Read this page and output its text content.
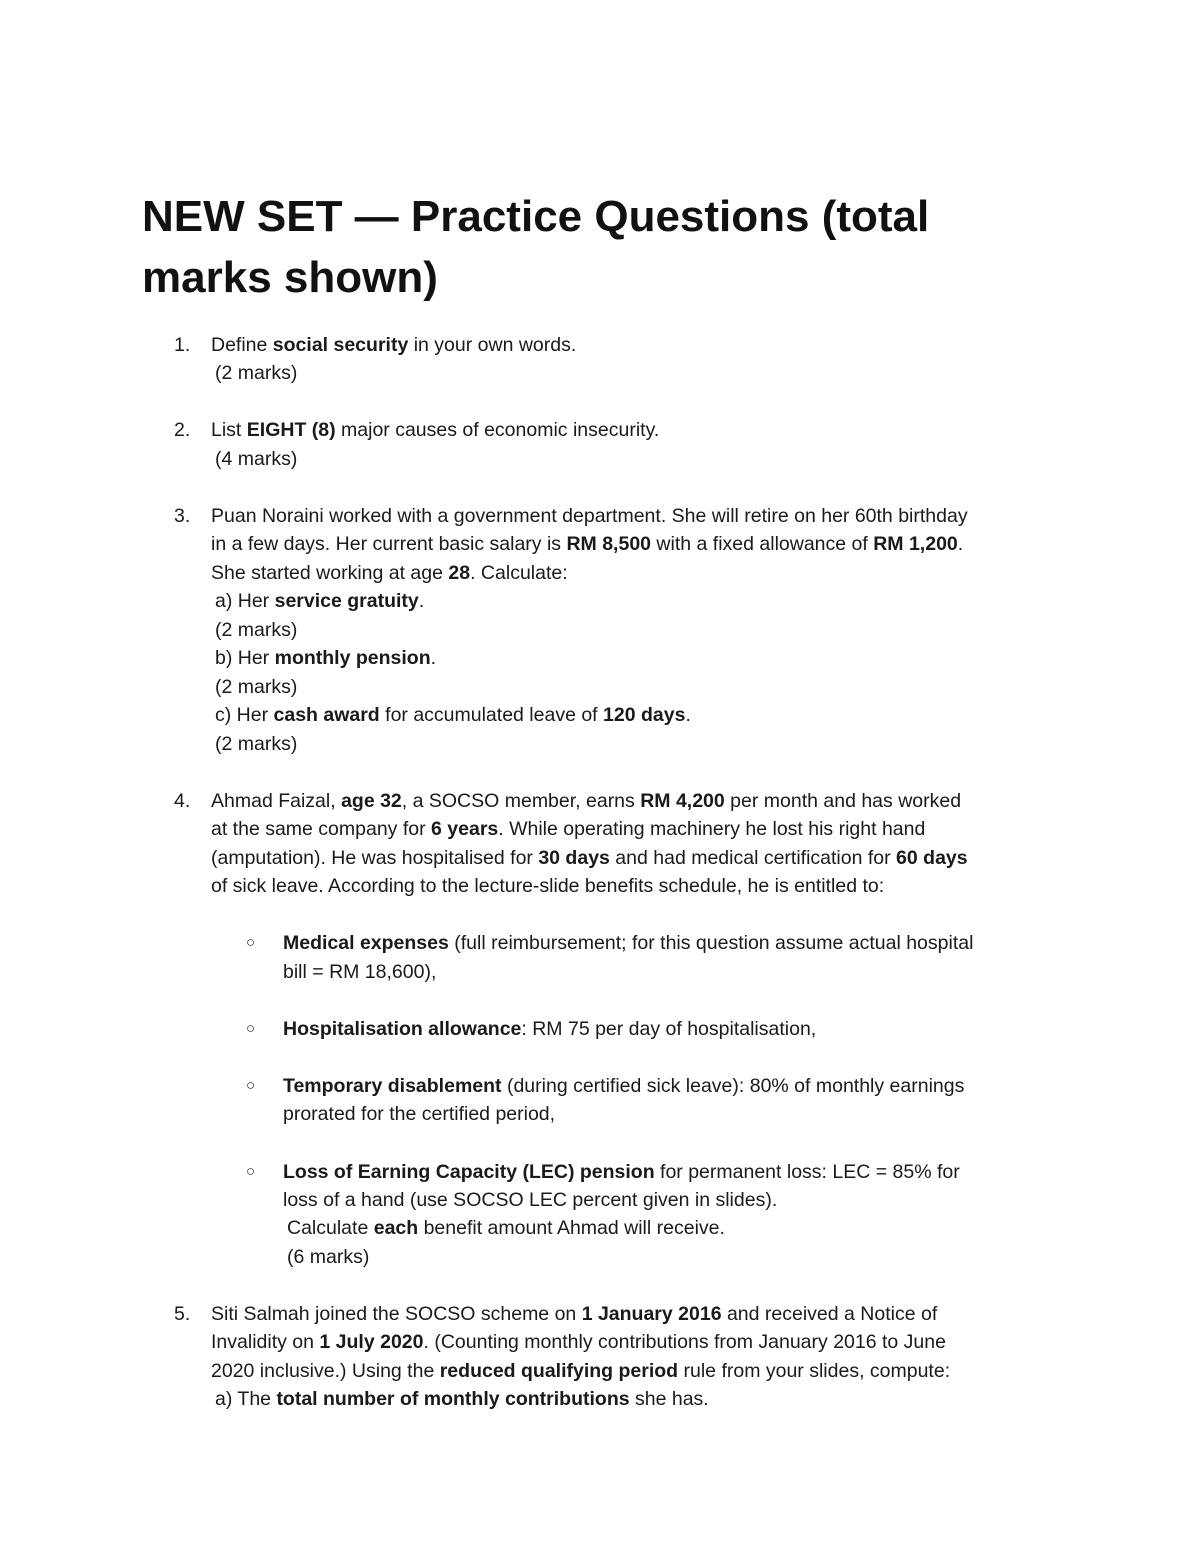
NEW SET — Practice Questions (total marks shown)
1. Define social security in your own words.
(2 marks)
2. List EIGHT (8) major causes of economic insecurity.
(4 marks)
3. Puan Noraini worked with a government department. She will retire on her 60th birthday
in a few days. Her current basic salary is RM 8,500 with a fixed allowance of RM 1,200.
She started working at age 28. Calculate:
a) Her service gratuity.
(2 marks)
b) Her monthly pension.
(2 marks)
c) Her cash award for accumulated leave of 120 days.
(2 marks)
4. Ahmad Faizal, age 32, a SOCSO member, earns RM 4,200 per month and has worked
at the same company for 6 years. While operating machinery he lost his right hand
(amputation). He was hospitalised for 30 days and had medical certification for 60 days
of sick leave. According to the lecture-slide benefits schedule, he is entitled to:
○ Medical expenses (full reimbursement; for this question assume actual hospital
bill = RM 18,600),
○ Hospitalisation allowance: RM 75 per day of hospitalisation,
○ Temporary disablement (during certified sick leave): 80% of monthly earnings
prorated for the certified period,
○ Loss of Earning Capacity (LEC) pension for permanent loss: LEC = 85% for
loss of a hand (use SOCSO LEC percent given in slides).
Calculate each benefit amount Ahmad will receive.
(6 marks)
5. Siti Salmah joined the SOCSO scheme on 1 January 2016 and received a Notice of
Invalidity on 1 July 2020. (Counting monthly contributions from January 2016 to June
2020 inclusive.) Using the reduced qualifying period rule from your slides, compute:
a) The total number of monthly contributions she has.
